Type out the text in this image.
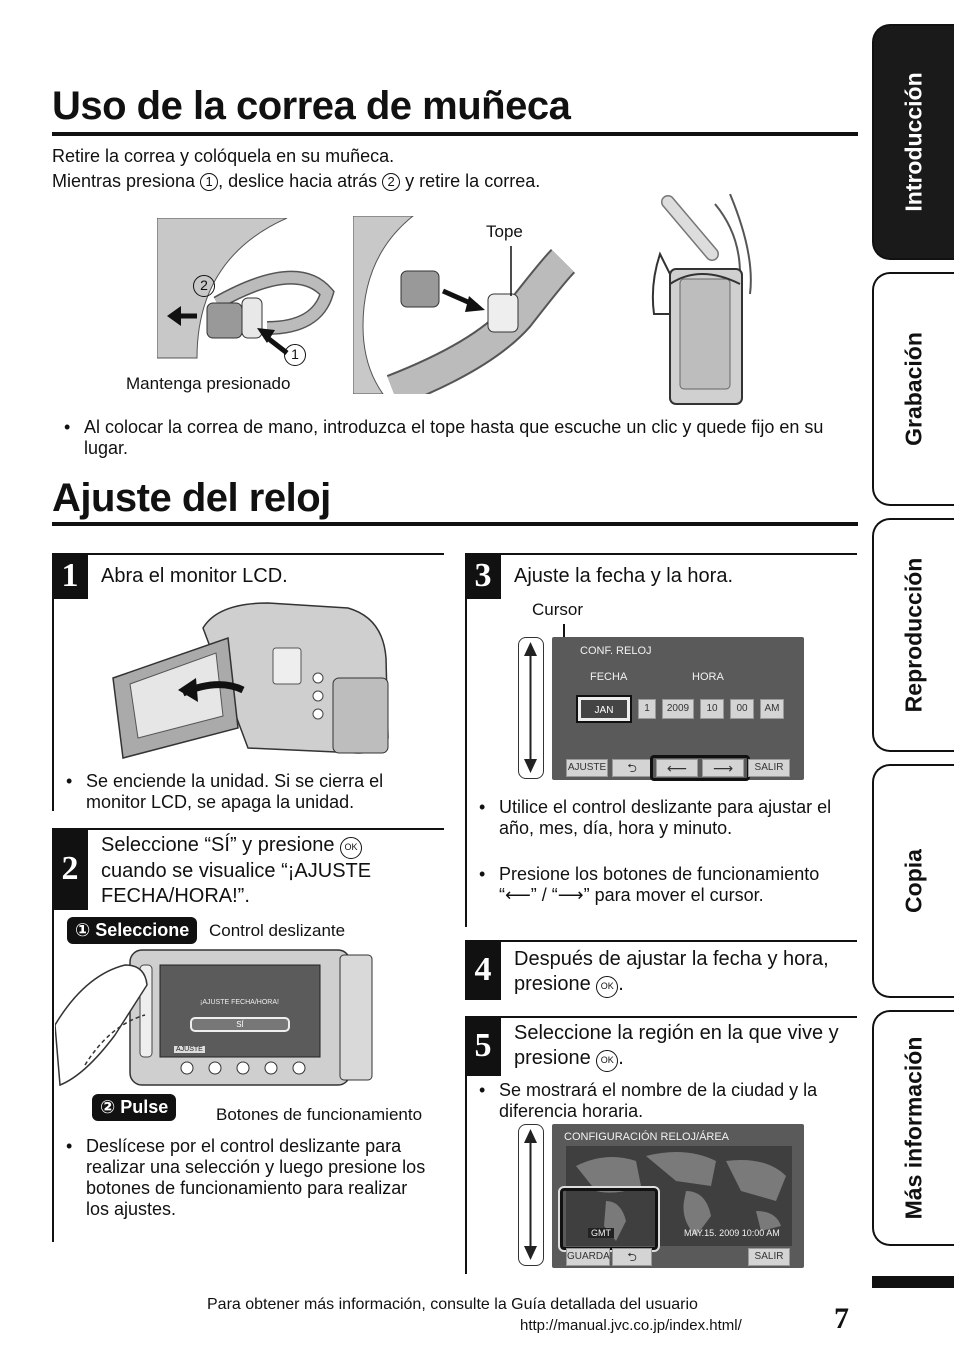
Introducción
Grabación
Reproducción
Copia
Más información
Uso de la correa de muñeca
Retire la correa y colóquela en su muñeca.
Mientras presiona 1 , deslice hacia atrás 2 y retire la correa.
2
1
Mantenga presionado
Tope
• Al colocar la correa de mano, introduzca el tope hasta que escuche un clic y quede fijo en su lugar.
Ajuste del reloj
1	Abra el monitor LCD.
• Se enciende la unidad. Si se cierra el monitor LCD, se apaga la unidad.
2
Seleccione “SÍ” y presione OK cuando se visualice “¡AJUSTE FECHA/HORA!”.
¡AJUSTE FECHA/HORA!
SÍ
AJUSTE
① Seleccione	Control deslizante
② Pulse	Botones de funcionamiento
• Deslícese por el control deslizante para realizar una selección y luego presione los botones de funcionamiento para realizar los ajustes.
3	Ajuste la fecha y la hora.
Cursor
CONF. RELOJ
FECHA	HORA
JAN	1	2009	10	00	AM
AJUSTE	⮌	⟵	⟶	SALIR
• Utilice el control deslizante para ajustar el año, mes, día, hora y minuto.
• Presione los botones de funcionamiento “⟵” / “⟶” para mover el cursor.
4	Después de ajustar la fecha y hora, presione OK .
5	Seleccione la región en la que vive y presione OK .
• Se mostrará el nombre de la ciudad y la diferencia horaria.
CONFIGURACIÓN RELOJ/ÁREA
GMT	MAY.15. 2009 10:00 AM
GUARDA	⮌	SALIR
Para obtener más información, consulte la Guía detallada del usuario
http://manual.jvc.co.jp/index.html/	7
